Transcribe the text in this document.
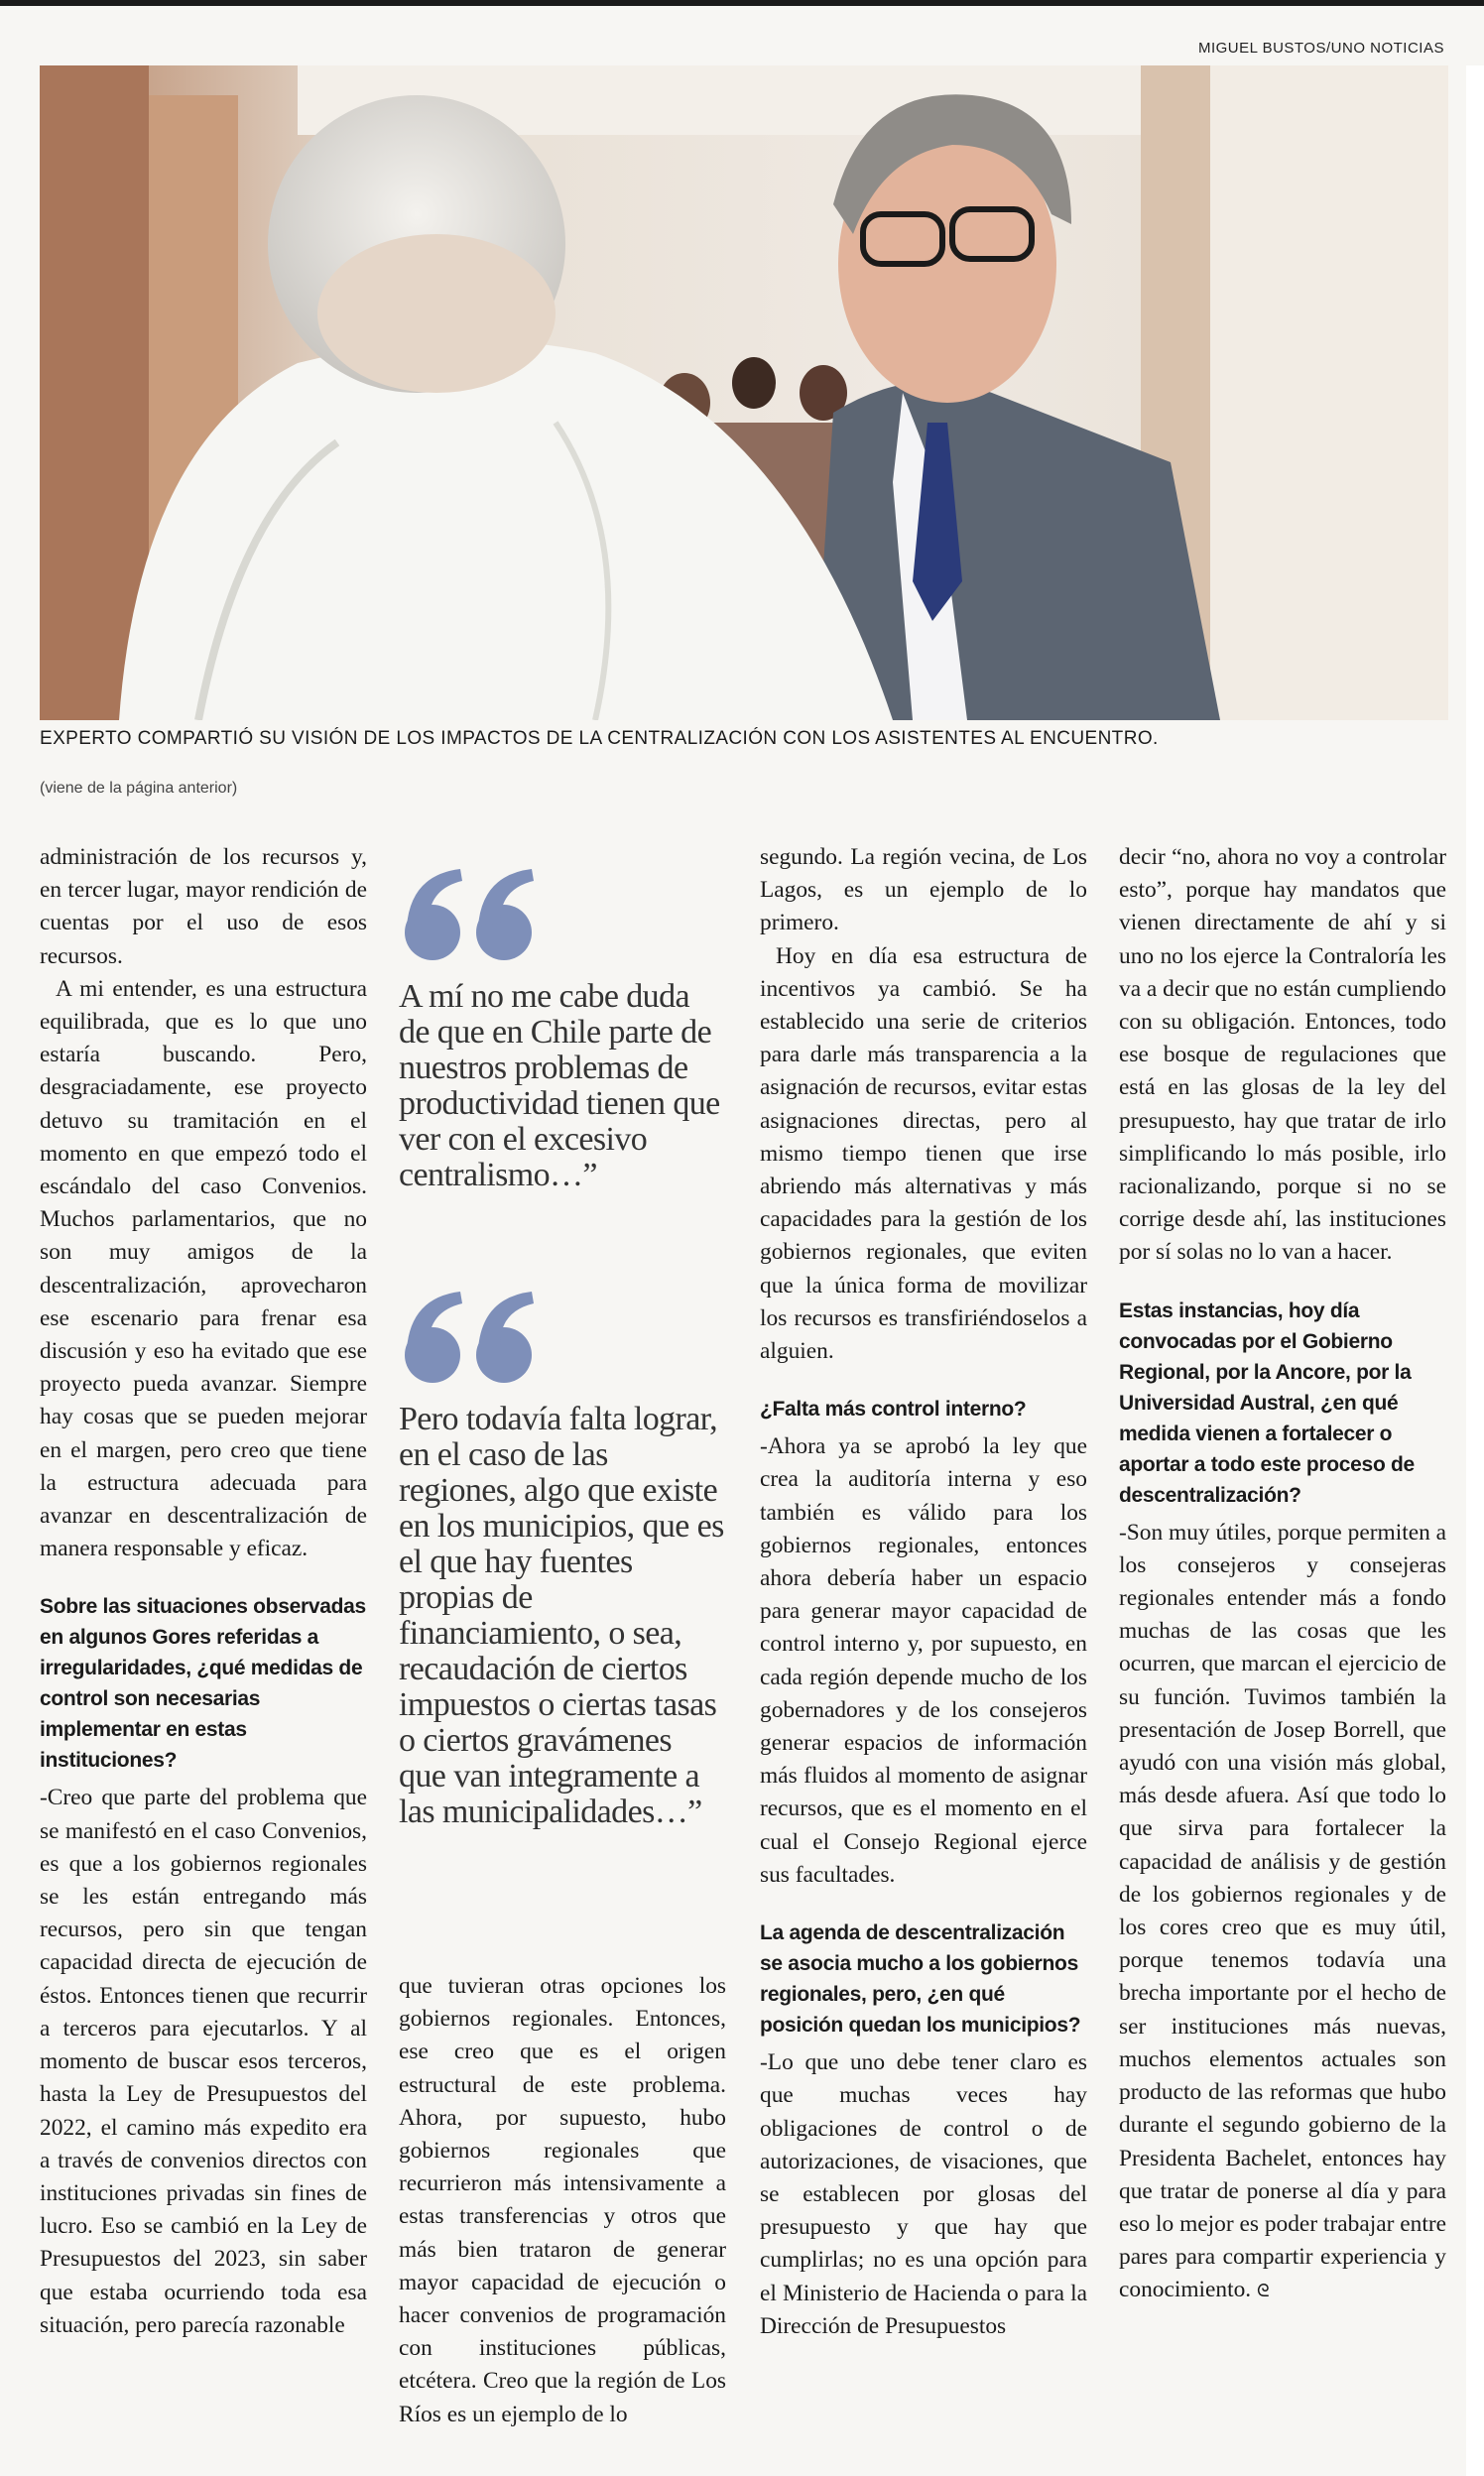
MIGUEL BUSTOS/UNO NOTICIAS
EXPERTO COMPARTIÓ SU VISIÓN DE LOS IMPACTOS DE LA CENTRALIZACIÓN CON LOS ASISTENTES AL ENCUENTRO.
(viene de la página anterior)

administración de los recursos y, en tercer lugar, mayor rendición de cuentas por el uso de esos recursos.

A mi entender, es una estructura equilibrada, que es lo que uno estaría buscando. Pero, desgraciadamente, ese proyecto detuvo su tramitación en el momento en que empezó todo el escándalo del caso Convenios. Muchos parlamentarios, que no son muy amigos de la descentralización, aprovecharon ese escenario para frenar esa discusión y eso ha evitado que ese proyecto pueda avanzar. Siempre hay cosas que se pueden mejorar en el margen, pero creo que tiene la estructura adecuada para avanzar en descentralización de manera responsable y eficaz.

Sobre las situaciones observadas en algunos Gores referidas a irregularidades, ¿qué medidas de control son necesarias implementar en estas instituciones?

-Creo que parte del problema que se manifestó en el caso Convenios, es que a los gobiernos regionales se les están entregando más recursos, pero sin que tengan capacidad directa de ejecución de éstos. Entonces tienen que recurrir a terceros para ejecutarlos. Y al momento de buscar esos terceros, hasta la Ley de Presupuestos del 2022, el camino más expedito era a través de convenios directos con instituciones privadas sin fines de lucro. Eso se cambió en la Ley de Presupuestos del 2023, sin saber que estaba ocurriendo toda esa situación, pero parecía razonable

A mí no me cabe duda de que en Chile parte de nuestros problemas de productividad tienen que ver con el excesivo centralismo…”
Pero todavía falta lograr, en el caso de las regiones, algo que existe en los municipios, que es el que hay fuentes propias de financiamiento, o sea, recaudación de ciertos impuestos o ciertas tasas o ciertos gravámenes que van integramente a las municipalidades…”

que tuvieran otras opciones los gobiernos regionales. Entonces, ese creo que es el origen estructural de este problema. Ahora, por supuesto, hubo gobiernos regionales que recurrieron más intensivamente a estas transferencias y otros que más bien trataron de generar mayor capacidad de ejecución o hacer convenios de programación con instituciones públicas, etcétera. Creo que la región de Los Ríos es un ejemplo de lo

segundo. La región vecina, de Los Lagos, es un ejemplo de lo primero.

Hoy en día esa estructura de incentivos ya cambió. Se ha establecido una serie de criterios para darle más transparencia a la asignación de recursos, evitar estas asignaciones directas, pero al mismo tiempo tienen que irse abriendo más alternativas y más capacidades para la gestión de los gobiernos regionales, que eviten que la única forma de movilizar los recursos es transfiriéndoselos a alguien.

¿Falta más control interno?

-Ahora ya se aprobó la ley que crea la auditoría interna y eso también es válido para los gobiernos regionales, entonces ahora debería haber un espacio para generar mayor capacidad de control interno y, por supuesto, en cada región depende mucho de los gobernadores y de los consejeros generar espacios de información más fluidos al momento de asignar recursos, que es el momento en el cual el Consejo Regional ejerce sus facultades.

La agenda de descentralización se asocia mucho a los gobiernos regionales, pero, ¿en qué posición quedan los municipios?

-Lo que uno debe tener claro es que muchas veces hay obligaciones de control o de autorizaciones, de visaciones, que se establecen por glosas del presupuesto y que hay que cumplirlas; no es una opción para el Ministerio de Hacienda o para la Dirección de Presupuestos

decir “no, ahora no voy a controlar esto”, porque hay mandatos que vienen directamente de ahí y si uno no los ejerce la Contraloría les va a decir que no están cumpliendo con su obligación. Entonces, todo ese bosque de regulaciones que está en las glosas de la ley del presupuesto, hay que tratar de irlo simplificando lo más posible, irlo racionalizando, porque si no se corrige desde ahí, las instituciones por sí solas no lo van a hacer.

Estas instancias, hoy día convocadas por el Gobierno Regional, por la Ancore, por la Universidad Austral, ¿en qué medida vienen a fortalecer o aportar a todo este proceso de descentralización?

-Son muy útiles, porque permiten a los consejeros y consejeras regionales entender más a fondo muchas de las cosas que les ocurren, que marcan el ejercicio de su función. Tuvimos también la presentación de Josep Borrell, que ayudó con una visión más global, más desde afuera. Así que todo lo que sirva para fortalecer la capacidad de análisis y de gestión de los gobiernos regionales y de los cores creo que es muy útil, porque tenemos todavía una brecha importante por el hecho de ser instituciones más nuevas, muchos elementos actuales son producto de las reformas que hubo durante el segundo gobierno de la Presidenta Bachelet, entonces hay que tratar de ponerse al día y para eso lo mejor es poder trabajar entre pares para compartir experiencia y conocimiento. ᘓ
